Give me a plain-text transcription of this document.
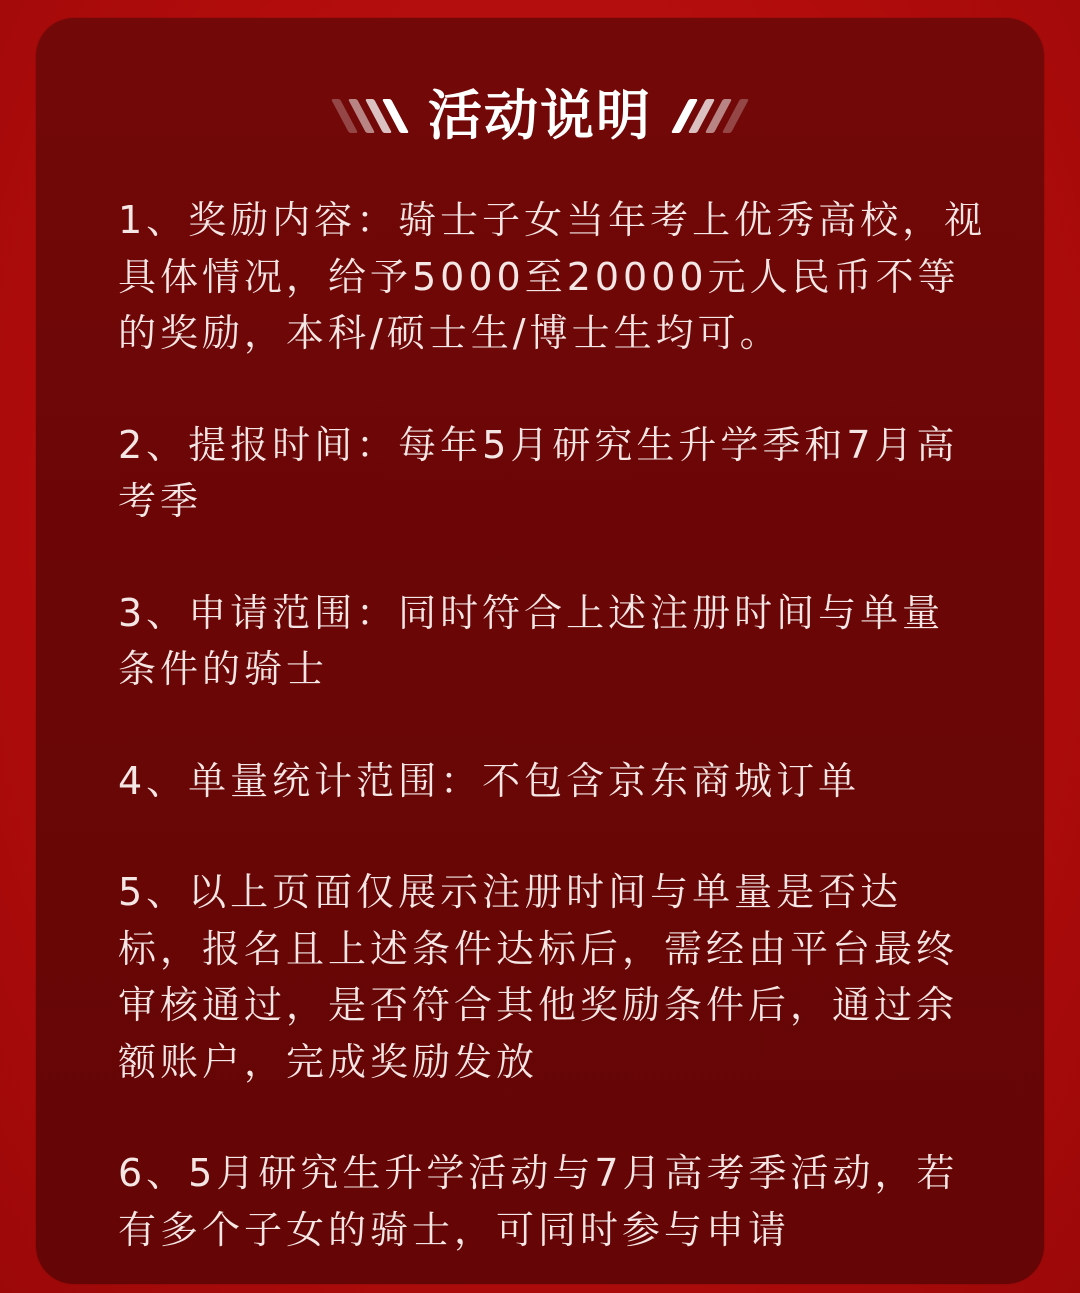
活动说明

1、奖励内容：骑士子女当年考上优秀高校，视
具体情况，给予5000至20000元人民币不等
的奖励，本科/硕士生/博士生均可。

2、提报时间：每年5月研究生升学季和7月高
考季

3、申请范围：同时符合上述注册时间与单量
条件的骑士

4、单量统计范围：不包含京东商城订单

5、以上页面仅展示注册时间与单量是否达
标，报名且上述条件达标后，需经由平台最终
审核通过，是否符合其他奖励条件后，通过余
额账户，完成奖励发放

6、5月研究生升学活动与7月高考季活动，若
有多个子女的骑士，可同时参与申请
